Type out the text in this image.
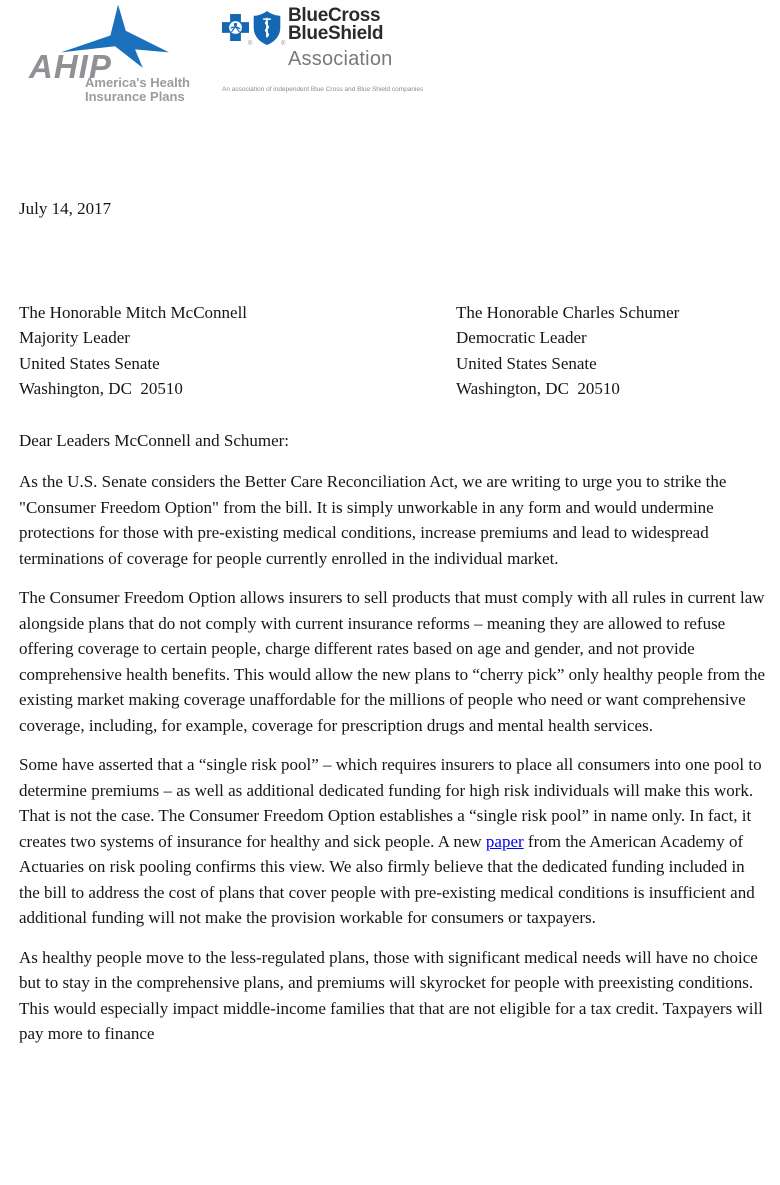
AHIP
America's Health
Insurance Plans
®	®
BlueCross
BlueShield
Association
An association of independent Blue Cross and Blue Shield companies
July 14, 2017
The Honorable Mitch McConnell
Majority Leader
United States Senate
Washington, DC  20510
The Honorable Charles Schumer
Democratic Leader
United States Senate
Washington, DC  20510
Dear Leaders McConnell and Schumer:

As the U.S. Senate considers the Better Care Reconciliation Act, we are writing to urge you to strike the "Consumer Freedom Option" from the bill. It is simply unworkable in any form and would undermine protections for those with pre-existing medical conditions, increase premiums and lead to widespread terminations of coverage for people currently enrolled in the individual market.

The Consumer Freedom Option allows insurers to sell products that must comply with all rules in current law alongside plans that do not comply with current insurance reforms – meaning they are allowed to refuse offering coverage to certain people, charge different rates based on age and gender, and not provide comprehensive health benefits. This would allow the new plans to “cherry pick” only healthy people from the existing market making coverage unaffordable for the millions of people who need or want comprehensive coverage, including, for example, coverage for prescription drugs and mental health services.

Some have asserted that a “single risk pool” – which requires insurers to place all consumers into one pool to determine premiums – as well as additional dedicated funding for high risk individuals will make this work. That is not the case. The Consumer Freedom Option establishes a “single risk pool” in name only. In fact, it creates two systems of insurance for healthy and sick people. A new paper from the American Academy of Actuaries on risk pooling confirms this view. We also firmly believe that the dedicated funding included in the bill to address the cost of plans that cover people with pre-existing medical conditions is insufficient and additional funding will not make the provision workable for consumers or taxpayers.

As healthy people move to the less-regulated plans, those with significant medical needs will have no choice but to stay in the comprehensive plans, and premiums will skyrocket for people with preexisting conditions. This would especially impact middle-income families that that are not eligible for a tax credit. Taxpayers will pay more to finance
